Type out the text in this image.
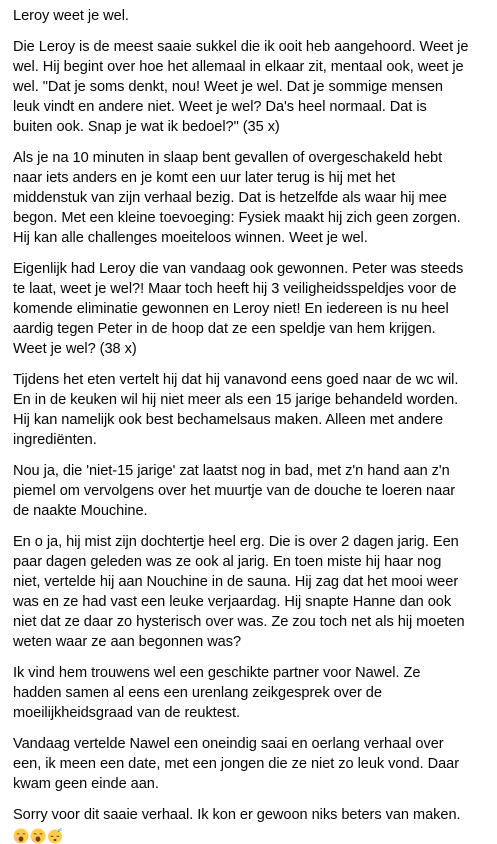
Leroy weet je wel.

Die Leroy is de meest saaie sukkel die ik ooit heb aangehoord. Weet je
wel. Hij begint over hoe het allemaal in elkaar zit, mentaal ook, weet je
wel. "Dat je soms denkt, nou! Weet je wel. Dat je sommige mensen
leuk vindt en andere niet. Weet je wel? Da's heel normaal. Dat is
buiten ook. Snap je wat ik bedoel?" (35 x)

Als je na 10 minuten in slaap bent gevallen of overgeschakeld hebt
naar iets anders en je komt een uur later terug is hij met het
middenstuk van zijn verhaal bezig. Dat is hetzelfde als waar hij mee
begon. Met een kleine toevoeging: Fysiek maakt hij zich geen zorgen.
Hij kan alle challenges moeiteloos winnen. Weet je wel.

Eigenlijk had Leroy die van vandaag ook gewonnen. Peter was steeds
te laat, weet je wel?! Maar toch heeft hij 3 veiligheidsspeldjes voor de
komende eliminatie gewonnen en Leroy niet! En iedereen is nu heel
aardig tegen Peter in de hoop dat ze een speldje van hem krijgen.
Weet je wel? (38 x)

Tijdens het eten vertelt hij dat hij vanavond eens goed naar de wc wil.
En in de keuken wil hij niet meer als een 15 jarige behandeld worden.
Hij kan namelijk ook best bechamelsaus maken. Alleen met andere
ingrediënten.

Nou ja, die 'niet-15 jarige' zat laatst nog in bad, met z'n hand aan z'n
piemel om vervolgens over het muurtje van de douche te loeren naar
de naakte Mouchine.

En o ja, hij mist zijn dochtertje heel erg. Die is over 2 dagen jarig. Een
paar dagen geleden was ze ook al jarig. En toen miste hij haar nog
niet, vertelde hij aan Nouchine in de sauna. Hij zag dat het mooi weer
was en ze had vast een leuke verjaardag. Hij snapte Hanne dan ook
niet dat ze daar zo hysterisch over was. Ze zou toch net als hij moeten
weten waar ze aan begonnen was?

Ik vind hem trouwens wel een geschikte partner voor Nawel. Ze
hadden samen al eens een urenlang zeikgesprek over de
moeilijkheidsgraad van de reuktest.

Vandaag vertelde Nawel een oneindig saai en oerlang verhaal over
een, ik meen een date, met een jongen die ze niet zo leuk vond. Daar
kwam geen einde aan.

Sorry voor dit saaie verhaal. Ik kon er gewoon niks beters van maken.

z z
